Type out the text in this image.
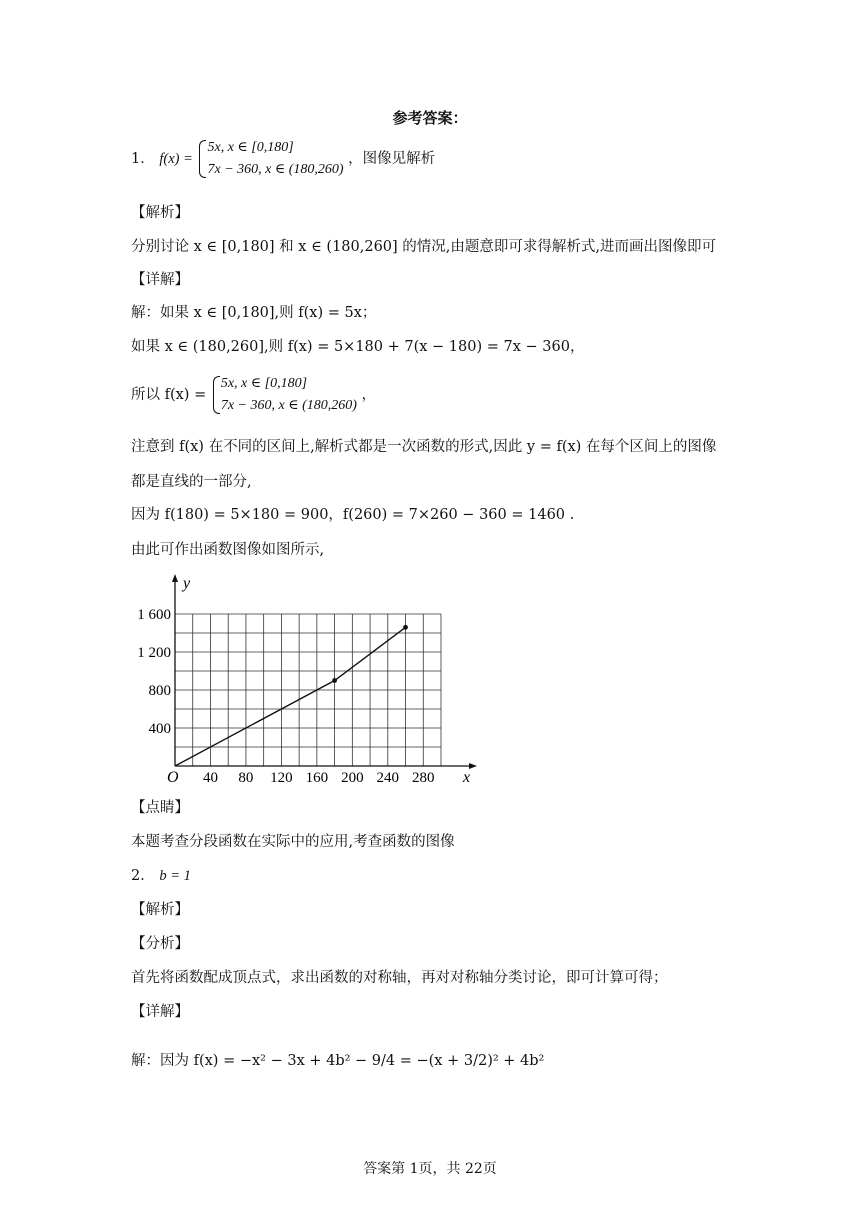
参考答案：
1． f(x) =
5x, x ∈ [0,180]
7x − 360, x ∈ (180,260)
，图像见解析
【解析】
分别讨论 x ∈ [0,180] 和 x ∈ (180,260] 的情况,由题意即可求得解析式,进而画出图像即可
【详解】
解：如果 x ∈ [0,180],则 f(x) = 5x；
如果 x ∈ (180,260],则 f(x) = 5×180 + 7(x − 180) = 7x − 360，
所以 f(x) =
5x, x ∈ [0,180]
7x − 360, x ∈ (180,260)
，
注意到 f(x) 在不同的区间上,解析式都是一次函数的形式,因此 y = f(x) 在每个区间上的图像
都是直线的一部分,
因为 f(180) = 5×180 = 900，f(260) = 7×260 − 360 = 1460 .
由此可作出函数图像如图所示,
x
y
O 40 80 120 160 200 240 280
400
800
1 200
1 600
【点睛】
本题考查分段函数在实际中的应用,考查函数的图像
2． b = 1
【解析】
【分析】
首先将函数配成顶点式，求出函数的对称轴，再对对称轴分类讨论，即可计算可得；
【详解】
解：因为 f(x) = −x² − 3x + 4b² − 9/4 = −(x + 3/2)² + 4b²
答案第 1页，共 22页
